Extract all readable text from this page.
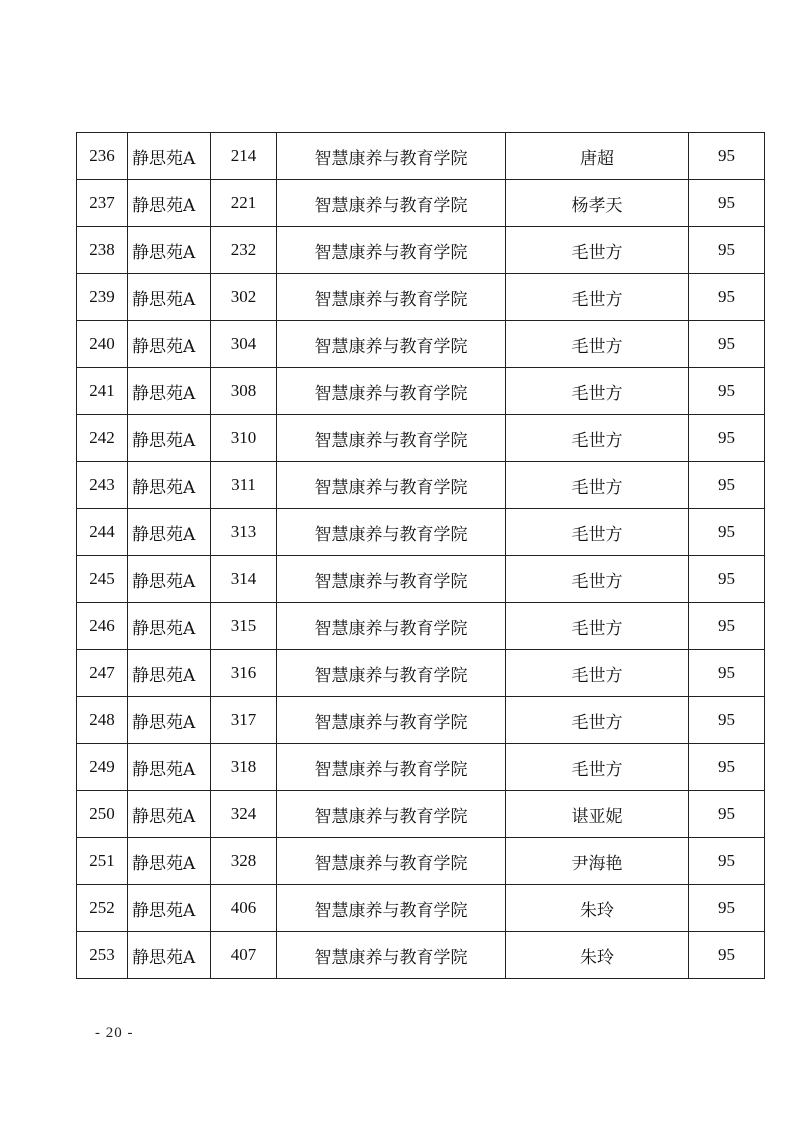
236	静思苑A	214	智慧康养与教育学院	唐超	95
237	静思苑A	221	智慧康养与教育学院	杨孝天	95
238	静思苑A	232	智慧康养与教育学院	毛世方	95
239	静思苑A	302	智慧康养与教育学院	毛世方	95
240	静思苑A	304	智慧康养与教育学院	毛世方	95
241	静思苑A	308	智慧康养与教育学院	毛世方	95
242	静思苑A	310	智慧康养与教育学院	毛世方	95
243	静思苑A	311	智慧康养与教育学院	毛世方	95
244	静思苑A	313	智慧康养与教育学院	毛世方	95
245	静思苑A	314	智慧康养与教育学院	毛世方	95
246	静思苑A	315	智慧康养与教育学院	毛世方	95
247	静思苑A	316	智慧康养与教育学院	毛世方	95
248	静思苑A	317	智慧康养与教育学院	毛世方	95
249	静思苑A	318	智慧康养与教育学院	毛世方	95
250	静思苑A	324	智慧康养与教育学院	谌亚妮	95
251	静思苑A	328	智慧康养与教育学院	尹海艳	95
252	静思苑A	406	智慧康养与教育学院	朱玲	95
253	静思苑A	407	智慧康养与教育学院	朱玲	95
- 20 -
